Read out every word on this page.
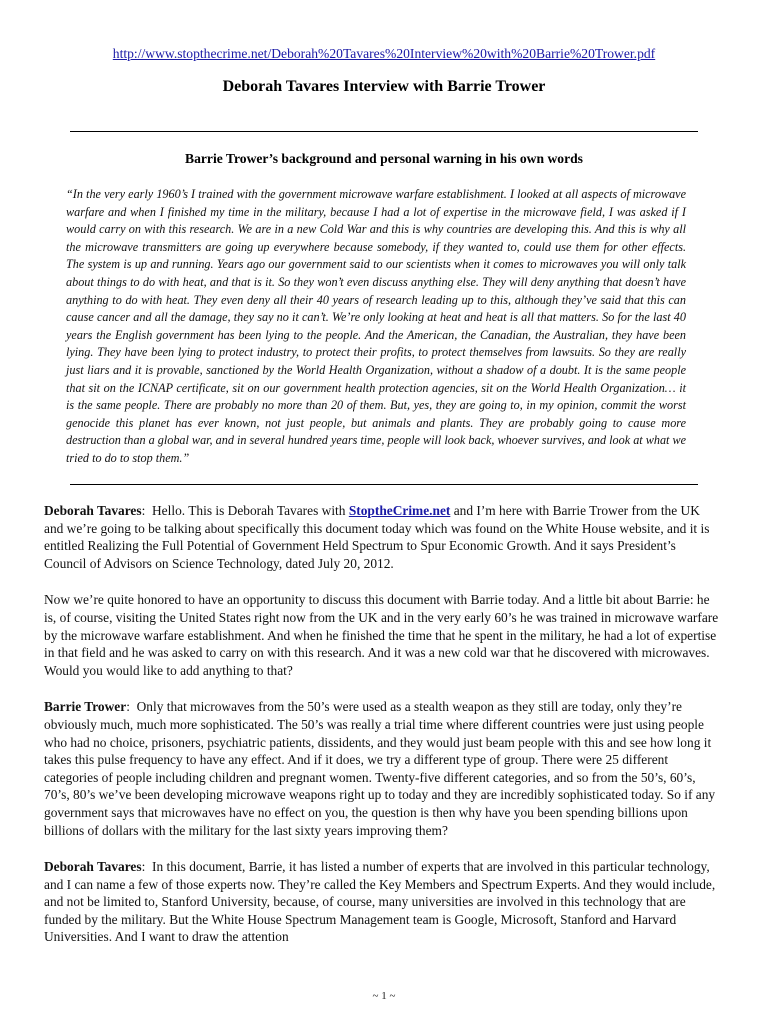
http://www.stopthecrime.net/Deborah%20Tavares%20Interview%20with%20Barrie%20Trower.pdf
Deborah Tavares Interview with Barrie Trower
Barrie Trower’s background and personal warning in his own words

“In the very early 1960’s I trained with the government microwave warfare establishment. I looked at all aspects of microwave warfare and when I finished my time in the military, because I had a lot of expertise in the microwave field, I was asked if I would carry on with this research. We are in a new Cold War and this is why countries are developing this. And this is why all the microwave transmitters are going up everywhere because somebody, if they wanted to, could use them for other effects. The system is up and running. Years ago our government said to our scientists when it comes to microwaves you will only talk about things to do with heat, and that is it. So they won’t even discuss anything else. They will deny anything that doesn’t have anything to do with heat. They even deny all their 40 years of research leading up to this, although they’ve said that this can cause cancer and all the damage, they say no it can’t. We’re only looking at heat and heat is all that matters. So for the last 40 years the English government has been lying to the people. And the American, the Canadian, the Australian, they have been lying. They have been lying to protect industry, to protect their profits, to protect themselves from lawsuits. So they are really just liars and it is provable, sanctioned by the World Health Organization, without a shadow of a doubt. It is the same people that sit on the ICNAP certificate, sit on our government health protection agencies, sit on the World Health Organization… it is the same people. There are probably no more than 20 of them. But, yes, they are going to, in my opinion, commit the worst genocide this planet has ever known, not just people, but animals and plants. They are probably going to cause more destruction than a global war, and in several hundred years time, people will look back, whoever survives, and look at what we tried to do to stop them.”

Deborah Tavares:  Hello. This is Deborah Tavares with StoptheCrime.net and I’m here with Barrie Trower from the UK and we’re going to be talking about specifically this document today which was found on the White House website, and it is entitled Realizing the Full Potential of Government Held Spectrum to Spur Economic Growth. And it says President’s Council of Advisors on Science Technology, dated July 20, 2012.

Now we’re quite honored to have an opportunity to discuss this document with Barrie today. And a little bit about Barrie: he is, of course, visiting the United States right now from the UK and in the very early 60’s he was trained in microwave warfare by the microwave warfare establishment. And when he finished the time that he spent in the military, he had a lot of expertise in that field and he was asked to carry on with this research. And it was a new cold war that he discovered with microwaves. Would you would like to add anything to that?

Barrie Trower:  Only that microwaves from the 50’s were used as a stealth weapon as they still are today, only they’re obviously much, much more sophisticated. The 50’s was really a trial time where different countries were just using people who had no choice, prisoners, psychiatric patients, dissidents, and they would just beam people with this and see how long it takes this pulse frequency to have any effect. And if it does, we try a different type of group. There were 25 different categories of people including children and pregnant women. Twenty-five different categories, and so from the 50’s, 60’s, 70’s, 80’s we’ve been developing microwave weapons right up to today and they are incredibly sophisticated today. So if any government says that microwaves have no effect on you, the question is then why have you been spending billions upon billions of dollars with the military for the last sixty years improving them?

Deborah Tavares:  In this document, Barrie, it has listed a number of experts that are involved in this particular technology, and I can name a few of those experts now. They’re called the Key Members and Spectrum Experts. And they would include, and not be limited to, Stanford University, because, of course, many universities are involved in this technology that are funded by the military. But the White House Spectrum Management team is Google, Microsoft, Stanford and Harvard Universities. And I want to draw the attention

~ 1 ~
